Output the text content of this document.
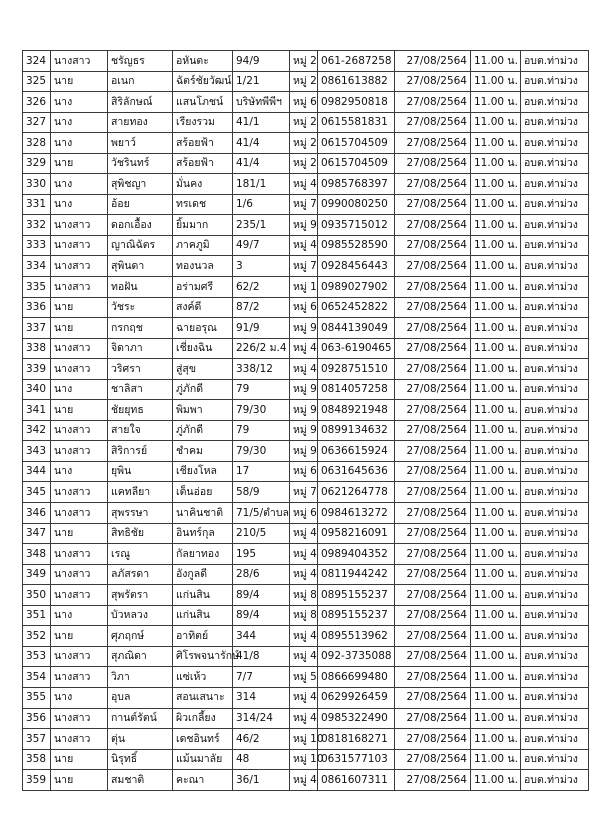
324	นางสาว	ชรัญธร	อหันตะ	94/9	หมู่ 2	061-2687258	27/08/2564	11.00 น.	อบต.ท่าม่วง
325	นาย	อเนก	ฉัตร์ชัยวัฒน์	1/21	หมู่ 2	0861613882	27/08/2564	11.00 น.	อบต.ท่าม่วง
326	นาง	สิริลักษณ์	แสนโภชน์	บริษัทพีพีฯ	หมู่ 6	0982950818	27/08/2564	11.00 น.	อบต.ท่าม่วง
327	นาง	สายทอง	เรียงรวม	41/1	หมู่ 2	0615581831	27/08/2564	11.00 น.	อบต.ท่าม่วง
328	นาง	พยาว์	สร้อยฟ้า	41/4	หมู่ 2	0615704509	27/08/2564	11.00 น.	อบต.ท่าม่วง
329	นาย	วัชรินทร์	สร้อยฟ้า	41/4	หมู่ 2	0615704509	27/08/2564	11.00 น.	อบต.ท่าม่วง
330	นาง	สุพิชญา	มั่นคง	181/1	หมู่ 4	0985768397	27/08/2564	11.00 น.	อบต.ท่าม่วง
331	นาง	อ้อย	ทรเดช	1/6	หมู่ 7	0990080250	27/08/2564	11.00 น.	อบต.ท่าม่วง
332	นางสาว	ดอกเอื้อง	ยิ้มมาก	235/1	หมู่ 9	0935715012	27/08/2564	11.00 น.	อบต.ท่าม่วง
333	นางสาว	ญาณิฉัตร	ภาคภูมิ	49/7	หมู่ 4	0985528590	27/08/2564	11.00 น.	อบต.ท่าม่วง
334	นางสาว	สุพินดา	ทองนวล	3	หมู่ 7	0928456443	27/08/2564	11.00 น.	อบต.ท่าม่วง
335	นางสาว	ทอฝัน	อร่ามศรี	62/2	หมู่ 1	0989027902	27/08/2564	11.00 น.	อบต.ท่าม่วง
336	นาย	วัชระ	สงค์ดี	87/2	หมู่ 6	0652452822	27/08/2564	11.00 น.	อบต.ท่าม่วง
337	นาย	กรกฤช	ฉายอรุณ	91/9	หมู่ 9	0844139049	27/08/2564	11.00 น.	อบต.ท่าม่วง
338	นางสาว	จิดาภา	เชี่ยงฉิน	226/2 ม.4	หมู่ 4	063-6190465	27/08/2564	11.00 น.	อบต.ท่าม่วง
339	นางสาว	วริศรา	สู่สุข	338/12	หมู่ 4	0928751510	27/08/2564	11.00 น.	อบต.ท่าม่วง
340	นาง	ชาลิสา	ภู่ภักดี	79	หมู่ 9	0814057258	27/08/2564	11.00 น.	อบต.ท่าม่วง
341	นาย	ชัยยุทธ	พิมพา	79/30	หมู่ 9	0848921948	27/08/2564	11.00 น.	อบต.ท่าม่วง
342	นางสาว	สายใจ	ภู่ภักดี	79	หมู่ 9	0899134632	27/08/2564	11.00 น.	อบต.ท่าม่วง
343	นางสาว	สิริการย์	ชำคม	79/30	หมู่ 9	0636615924	27/08/2564	11.00 น.	อบต.ท่าม่วง
344	นาง	ยุพิน	เชียงโหล	17	หมู่ 6	0631645636	27/08/2564	11.00 น.	อบต.ท่าม่วง
345	นางสาว	แคทลียา	เต็นอ่อย	58/9	หมู่ 7	0621264778	27/08/2564	11.00 น.	อบต.ท่าม่วง
346	นางสาว	สุพรรษา	นาคินชาติ	71/5/ตำบล	หมู่ 6	0984613272	27/08/2564	11.00 น.	อบต.ท่าม่วง
347	นาย	สิทธิชัย	อินทร์กุล	210/5	หมู่ 4	0958216091	27/08/2564	11.00 น.	อบต.ท่าม่วง
348	นางสาว	เรณู	กัลยาทอง	195	หมู่ 4	0989404352	27/08/2564	11.00 น.	อบต.ท่าม่วง
349	นางสาว	ลภัสรดา	อังกูลดี	28/6	หมู่ 4	0811944242	27/08/2564	11.00 น.	อบต.ท่าม่วง
350	นางสาว	สุพรัตรา	แก่นสิน	89/4	หมู่ 8	0895155237	27/08/2564	11.00 น.	อบต.ท่าม่วง
351	นาง	บัวหลวง	แก่นสิน	89/4	หมู่ 8	0895155237	27/08/2564	11.00 น.	อบต.ท่าม่วง
352	นาย	ศุภฤกษ์	อาทิตย์	344	หมู่ 4	0895513962	27/08/2564	11.00 น.	อบต.ท่าม่วง
353	นางสาว	สุภณิดา	ศิโรพจนารักษ์	41/8	หมู่ 4	092-3735088	27/08/2564	11.00 น.	อบต.ท่าม่วง
354	นางสาว	วิภา	แซ่เห้ว	7/7	หมู่ 5	0866699480	27/08/2564	11.00 น.	อบต.ท่าม่วง
355	นาง	อุบล	สอนเสนาะ	314	หมู่ 4	0629926459	27/08/2564	11.00 น.	อบต.ท่าม่วง
356	นางสาว	กานต์รัตน์	ผิวเกลี้ยง	314/24	หมู่ 4	0985322490	27/08/2564	11.00 น.	อบต.ท่าม่วง
357	นางสาว	ตุ่น	เดชอินทร์	46/2	หมู่ 10	0818168271	27/08/2564	11.00 น.	อบต.ท่าม่วง
358	นาย	นิรุทธิ์	แม้นมาลัย	48	หมู่ 10	0631577103	27/08/2564	11.00 น.	อบต.ท่าม่วง
359	นาย	สมชาติ	คะณา	36/1	หมู่ 4	0861607311	27/08/2564	11.00 น.	อบต.ท่าม่วง
